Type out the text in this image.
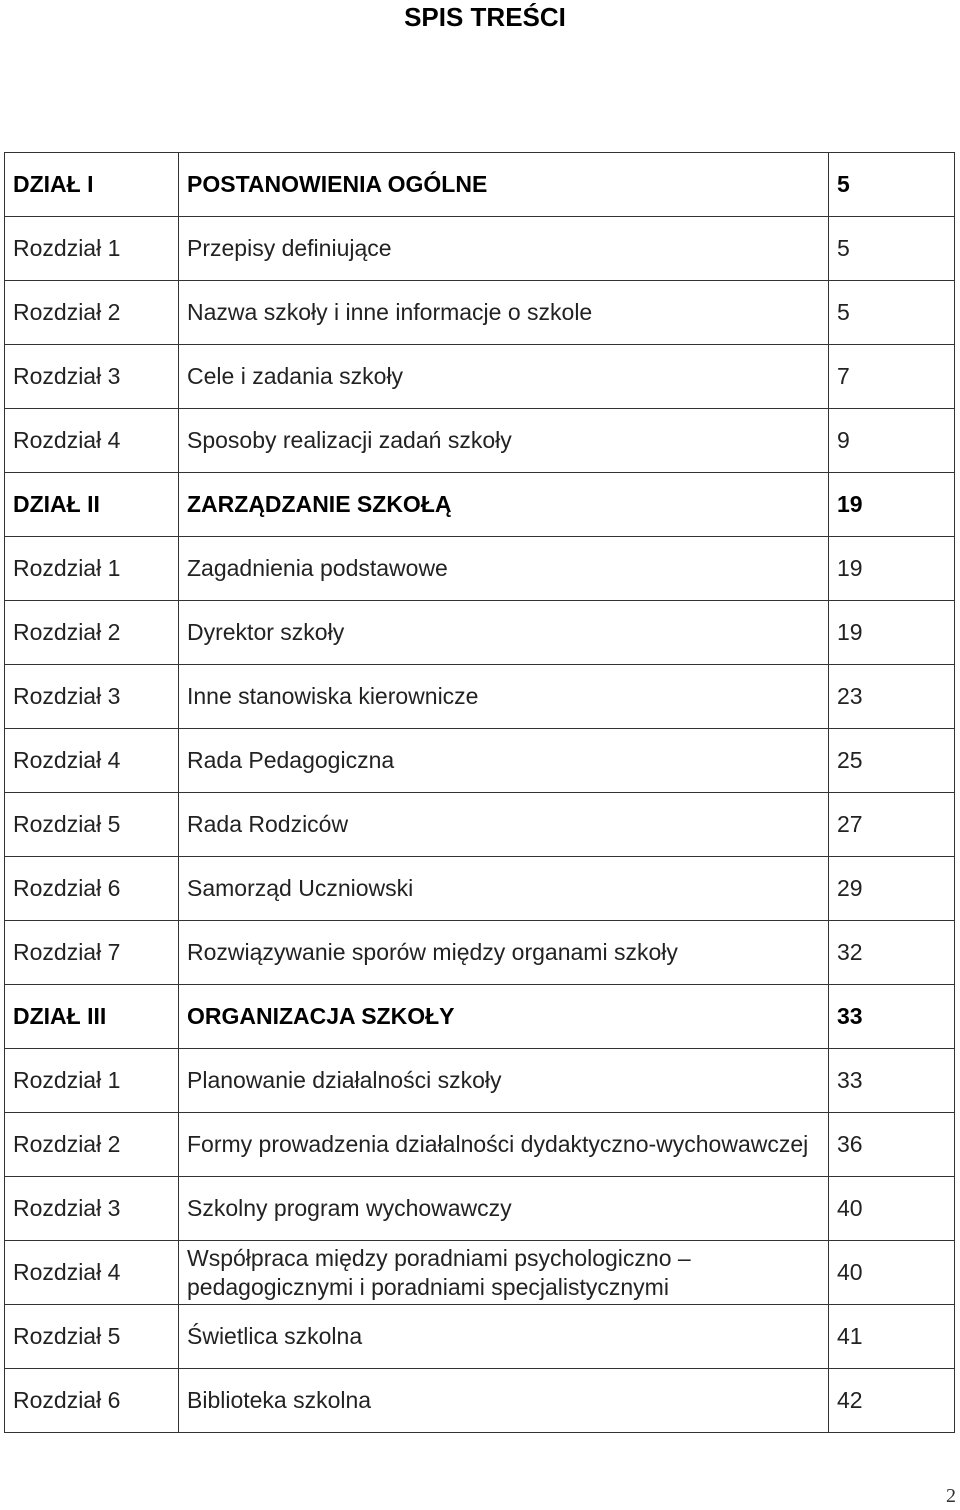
SPIS TREŚCI
DZIAŁ I	POSTANOWIENIA OGÓLNE	5
Rozdział 1	Przepisy definiujące	5
Rozdział 2	Nazwa szkoły i inne informacje o szkole	5
Rozdział 3	Cele i zadania szkoły	7
Rozdział 4	Sposoby realizacji zadań szkoły	9
DZIAŁ II	ZARZĄDZANIE SZKOŁĄ	19
Rozdział 1	Zagadnienia podstawowe	19
Rozdział 2	Dyrektor szkoły	19
Rozdział 3	Inne stanowiska kierownicze	23
Rozdział 4	Rada Pedagogiczna	25
Rozdział 5	Rada Rodziców	27
Rozdział 6	Samorząd Uczniowski	29
Rozdział 7	Rozwiązywanie sporów między organami szkoły	32
DZIAŁ III	ORGANIZACJA SZKOŁY	33
Rozdział 1	Planowanie działalności szkoły	33
Rozdział 2	Formy prowadzenia działalności dydaktyczno-wychowawczej	36
Rozdział 3	Szkolny program wychowawczy	40
Rozdział 4	Współpraca między poradniami psychologiczno – pedagogicznymi i poradniami specjalistycznymi	40
Rozdział 5	Świetlica szkolna	41
Rozdział 6	Biblioteka szkolna	42
2
